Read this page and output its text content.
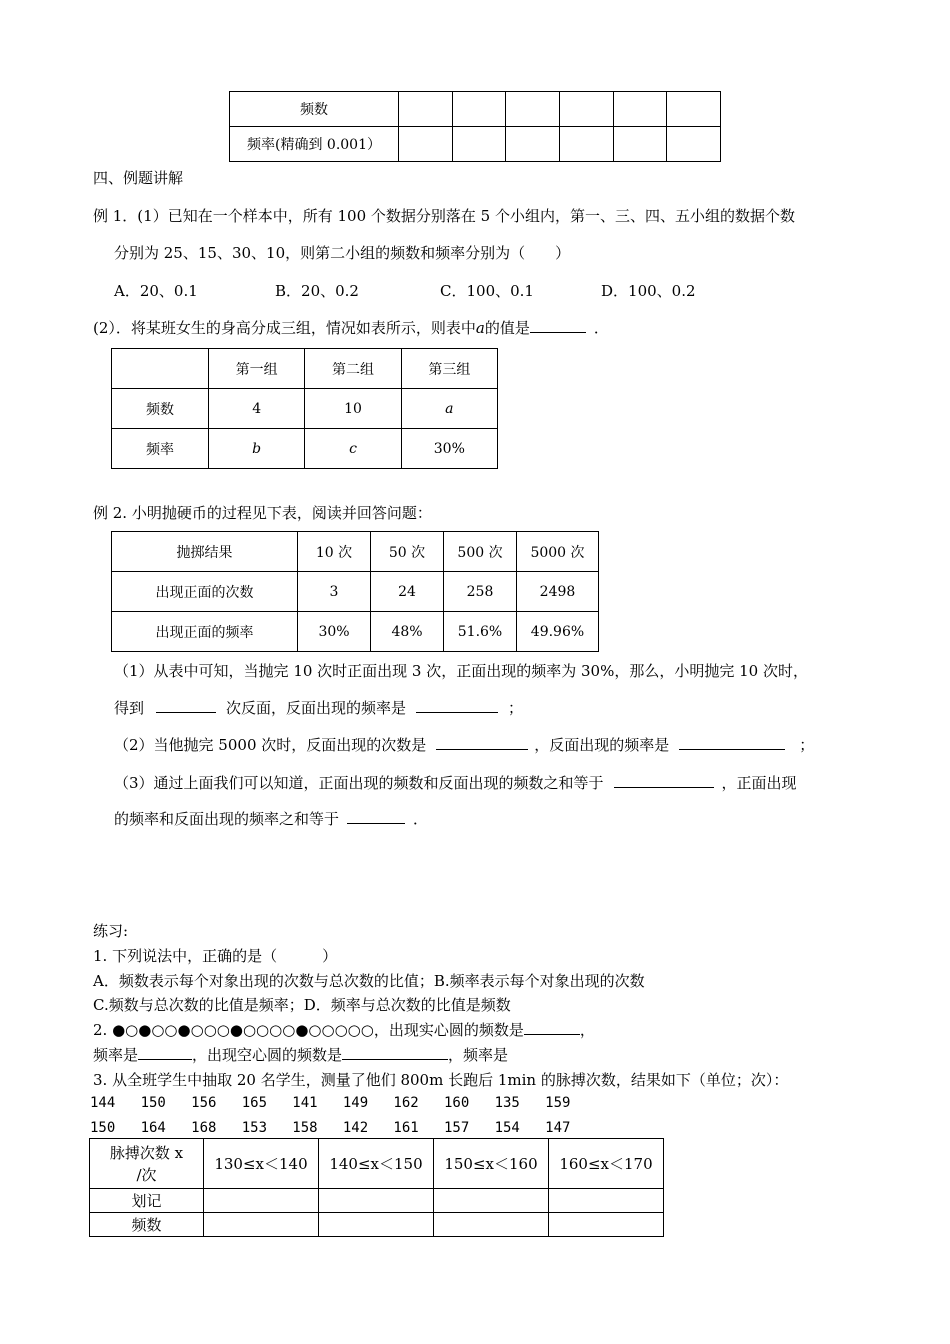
频数						
频率(精确到 0.001）						
四、例题讲解
例 1．(1）已知在一个样本中，所有 100 个数据分别落在 5 个小组内，第一、三、四、五小组的数据个数
分别为 25、15、30、10，则第二小组的频数和频率分别为（　　）
A．20、0.1	B．20、0.2	C．100、0.1	D．100、0.2
(2）．将某班女生的身高分成三组，情况如表所示，则表中a的值是	．
	第一组	第二组	第三组
频数	4	10	a
频率	b	c	30%
例 2. 小明抛硬币的过程见下表，阅读并回答问题：
抛掷结果	10 次	50 次	500 次	5000 次
出现正面的次数	3	24	258	2498
出现正面的频率	30%	48%	51.6%	49.96%
（1）从表中可知，当抛完 10 次时正面出现 3 次，正面出现的频率为 30%，那么，小明抛完 10 次时，
得到	次反面，反面出现的频率是	；
（2）当他抛完 5000 次时，反面出现的次数是	，反面出现的频率是	；
（3）通过上面我们可以知道，正面出现的频数和反面出现的频数之和等于	，正面出现
的频率和反面出现的频率之和等于	．
练习:
1. 下列说法中，正确的是（　　　）
A．频数表示每个对象出现的次数与总次数的比值；B.频率表示每个对象出现的次数
C.频数与总次数的比值是频率；D．频率与总次数的比值是频数
2. ●○●○○●○○○●○○○○●○○○○○，出现实心圆的频数是	，
频率是	，出现空心圆的频数是	，频率是
3. 从全班学生中抽取 20 名学生，测量了他们 800m 长跑后 1min 的脉搏次数，结果如下（单位；次）：
144   150   156   165   141   149   162   160   135   159
150   164   168   153   158   142   161   157   154   147
脉搏次数 x
/次	130≤x＜140	140≤x＜150	150≤x＜160	160≤x＜170
划记				
频数				
